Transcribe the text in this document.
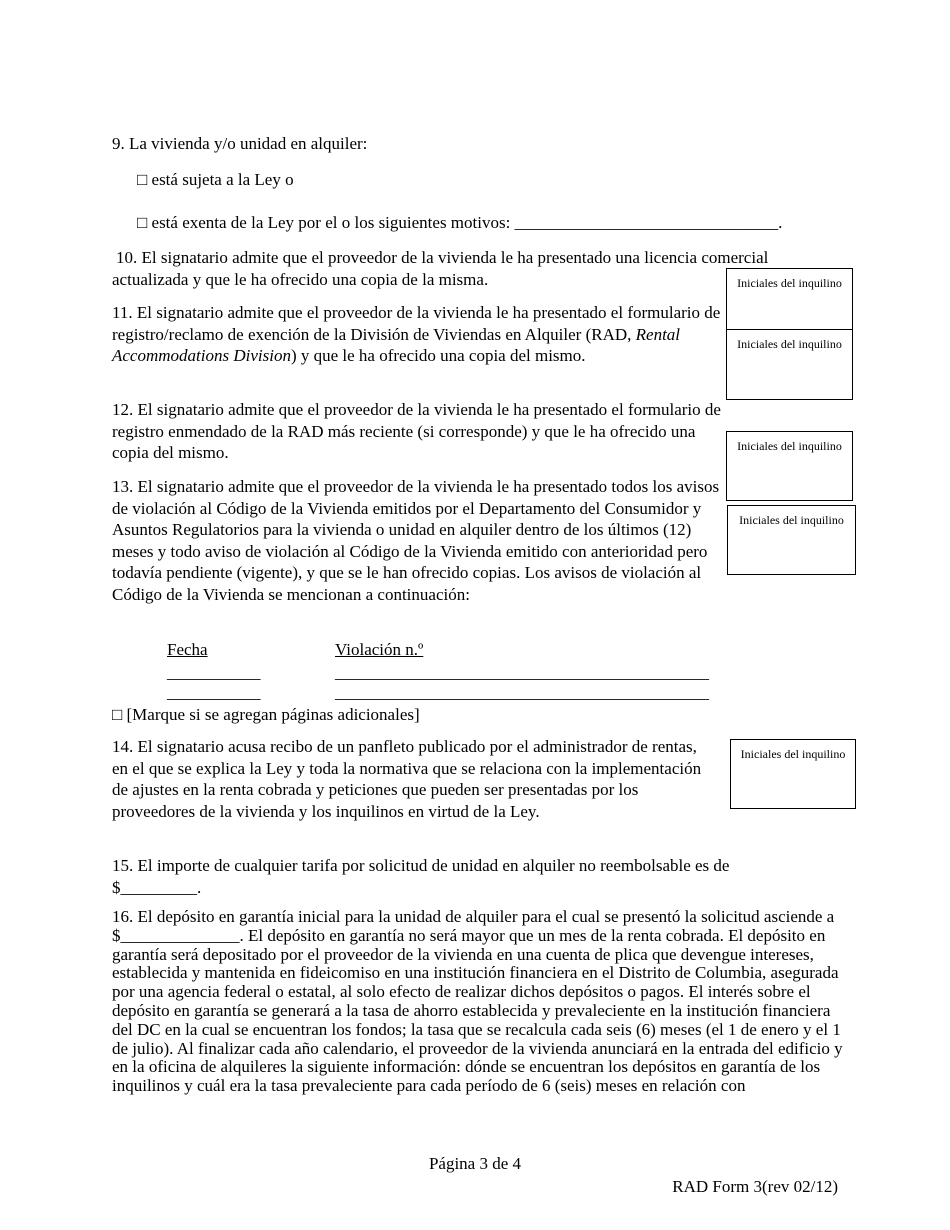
9. La vivienda y/o unidad en alquiler:
□ está sujeta a la Ley o
□ está exenta de la Ley por el o los siguientes motivos: _______________________________.

10. El signatario admite que el proveedor de la vivienda le ha presentado una licencia comercial actualizada y que le ha ofrecido una copia de la misma.

11. El signatario admite que el proveedor de la vivienda le ha presentado el formulario de registro/reclamo de exención de la División de Viviendas en Alquiler (RAD, Rental Accommodations Division) y que le ha ofrecido una copia del mismo.

12. El signatario admite que el proveedor de la vivienda le ha presentado el formulario de registro enmendado de la RAD más reciente (si corresponde) y que le ha ofrecido una copia del mismo.

13. El signatario admite que el proveedor de la vivienda le ha presentado todos los avisos de violación al Código de la Vivienda emitidos por el Departamento del Consumidor y Asuntos Regulatorios para la vivienda o unidad en alquiler dentro de los últimos (12) meses y todo aviso de violación al Código de la Vivienda emitido con anterioridad pero todavía pendiente (vigente), y que se le han ofrecido copias. Los avisos de violación al Código de la Vivienda se mencionan a continuación:

Fecha	Violación n.º
___________	____________________________________________
___________	____________________________________________
□ [Marque si se agregan páginas adicionales]

14. El signatario acusa recibo de un panfleto publicado por el administrador de rentas, en el que se explica la Ley y toda la normativa que se relaciona con la implementación de ajustes en la renta cobrada y peticiones que pueden ser presentadas por los proveedores de la vivienda y los inquilinos en virtud de la Ley.

15. El importe de cualquier tarifa por solicitud de unidad en alquiler no reembolsable es de $_________.

16. El depósito en garantía inicial para la unidad de alquiler para el cual se presentó la solicitud asciende a $______________. El depósito en garantía no será mayor que un mes de la renta cobrada. El depósito en garantía será depositado por el proveedor de la vivienda en una cuenta de plica que devengue intereses, establecida y mantenida en fideicomiso en una institución financiera en el Distrito de Columbia, asegurada por una agencia federal o estatal, al solo efecto de realizar dichos depósitos o pagos. El interés sobre el depósito en garantía se generará a la tasa de ahorro establecida y prevaleciente en la institución financiera del DC en la cual se encuentran los fondos; la tasa que se recalcula cada seis (6) meses (el 1 de enero y el 1 de julio). Al finalizar cada año calendario, el proveedor de la vivienda anunciará en la entrada del edificio y en la oficina de alquileres la siguiente información: dónde se encuentran los depósitos en garantía de los inquilinos y cuál era la tasa prevaleciente para cada período de 6 (seis) meses en relación con

Iniciales del inquilino
Iniciales del inquilino
Iniciales del inquilino
Iniciales del inquilino
Iniciales del inquilino
Página 3 de 4
RAD Form 3(rev 02/12)
